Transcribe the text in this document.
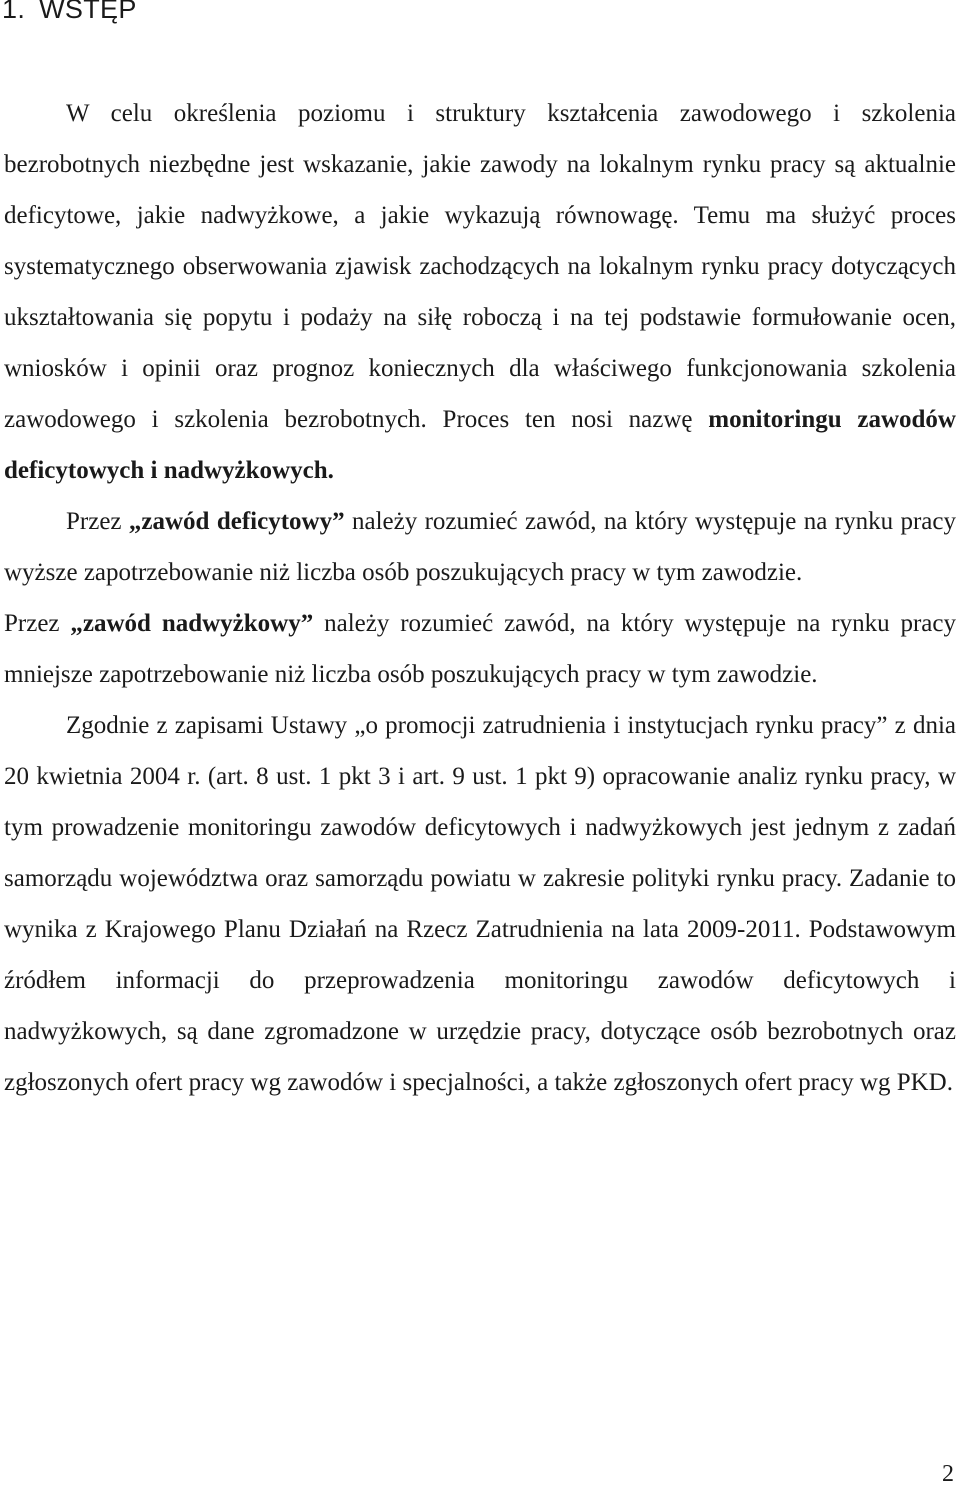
1. WSTĘP

W celu określenia poziomu i struktury kształcenia zawodowego i szkolenia bezrobotnych niezbędne jest wskazanie, jakie zawody na lokalnym rynku pracy są aktualnie deficytowe, jakie nadwyżkowe, a jakie wykazują równowagę. Temu ma służyć proces systematycznego obserwowania zjawisk zachodzących na lokalnym rynku pracy dotyczących ukształtowania się popytu i podaży na siłę roboczą i na tej podstawie formułowanie ocen, wniosków i opinii oraz prognoz koniecznych dla właściwego funkcjonowania szkolenia zawodowego i szkolenia bezrobotnych. Proces ten nosi nazwę monitoringu zawodów deficytowych i nadwyżkowych.

Przez „zawód deficytowy” należy rozumieć zawód, na który występuje na rynku pracy wyższe zapotrzebowanie niż liczba osób poszukujących pracy w tym zawodzie.

Przez „zawód nadwyżkowy” należy rozumieć zawód, na który występuje na rynku pracy mniejsze zapotrzebowanie niż liczba osób poszukujących pracy w tym zawodzie.

Zgodnie z zapisami Ustawy „o promocji zatrudnienia i instytucjach rynku pracy” z dnia 20 kwietnia 2004 r. (art. 8 ust. 1 pkt 3 i art. 9 ust. 1 pkt 9) opracowanie analiz rynku pracy, w tym prowadzenie monitoringu zawodów deficytowych i nadwyżkowych jest jednym z zadań samorządu województwa oraz samorządu powiatu w zakresie polityki rynku pracy. Zadanie to wynika z Krajowego Planu Działań na Rzecz Zatrudnienia na lata 2009-2011. Podstawowym źródłem informacji do przeprowadzenia monitoringu zawodów deficytowych i nadwyżkowych, są dane zgromadzone w urzędzie pracy, dotyczące osób bezrobotnych oraz zgłoszonych ofert pracy wg zawodów i specjalności, a także zgłoszonych ofert pracy wg PKD.

2
